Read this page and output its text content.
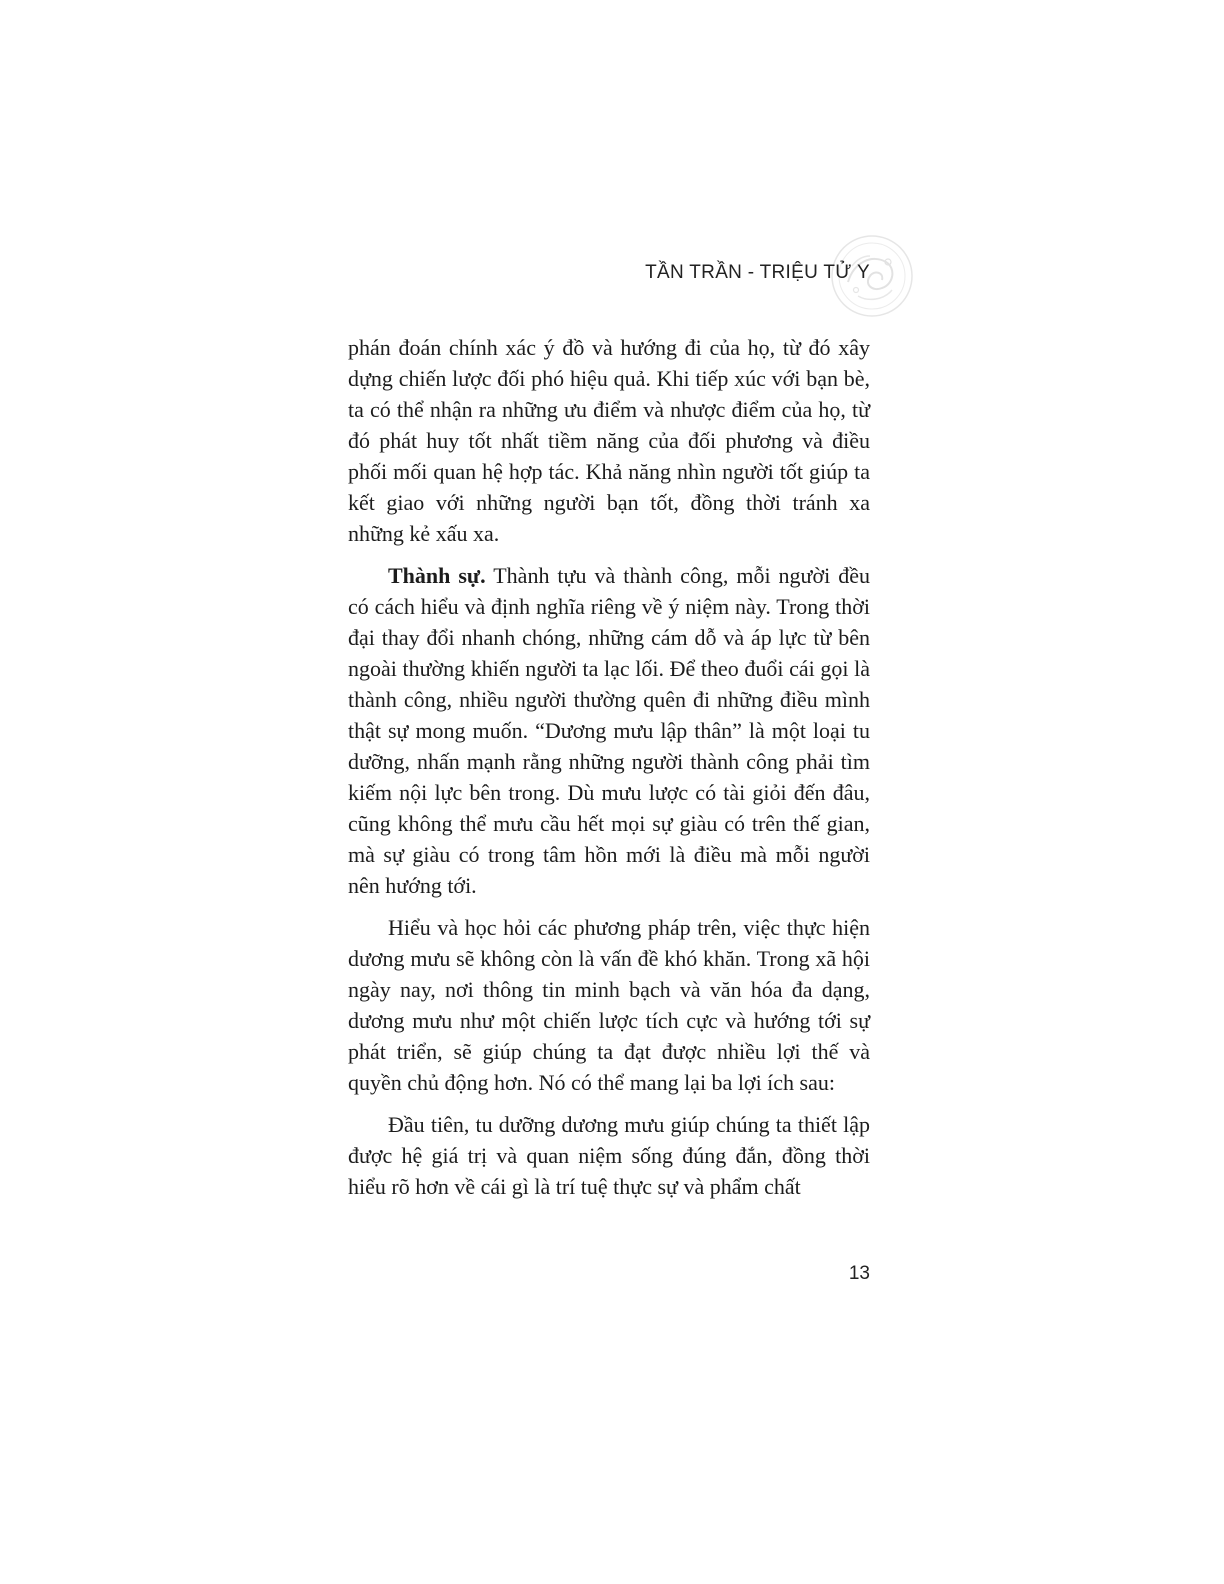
TẦN TRẦN - TRIỆU TỬ Y

phán đoán chính xác ý đồ và hướng đi của họ, từ đó xây dựng chiến lược đối phó hiệu quả. Khi tiếp xúc với bạn bè, ta có thể nhận ra những ưu điểm và nhược điểm của họ, từ đó phát huy tốt nhất tiềm năng của đối phương và điều phối mối quan hệ hợp tác. Khả năng nhìn người tốt giúp ta kết giao với những người bạn tốt, đồng thời tránh xa những kẻ xấu xa.

Thành sự. Thành tựu và thành công, mỗi người đều có cách hiểu và định nghĩa riêng về ý niệm này. Trong thời đại thay đổi nhanh chóng, những cám dỗ và áp lực từ bên ngoài thường khiến người ta lạc lối. Để theo đuổi cái gọi là thành công, nhiều người thường quên đi những điều mình thật sự mong muốn. “Dương mưu lập thân” là một loại tu dưỡng, nhấn mạnh rằng những người thành công phải tìm kiếm nội lực bên trong. Dù mưu lược có tài giỏi đến đâu, cũng không thể mưu cầu hết mọi sự giàu có trên thế gian, mà sự giàu có trong tâm hồn mới là điều mà mỗi người nên hướng tới.

Hiểu và học hỏi các phương pháp trên, việc thực hiện dương mưu sẽ không còn là vấn đề khó khăn. Trong xã hội ngày nay, nơi thông tin minh bạch và văn hóa đa dạng, dương mưu như một chiến lược tích cực và hướng tới sự phát triển, sẽ giúp chúng ta đạt được nhiều lợi thế và quyền chủ động hơn. Nó có thể mang lại ba lợi ích sau:

Đầu tiên, tu dưỡng dương mưu giúp chúng ta thiết lập được hệ giá trị và quan niệm sống đúng đắn, đồng thời hiểu rõ hơn về cái gì là trí tuệ thực sự và phẩm chất

13
